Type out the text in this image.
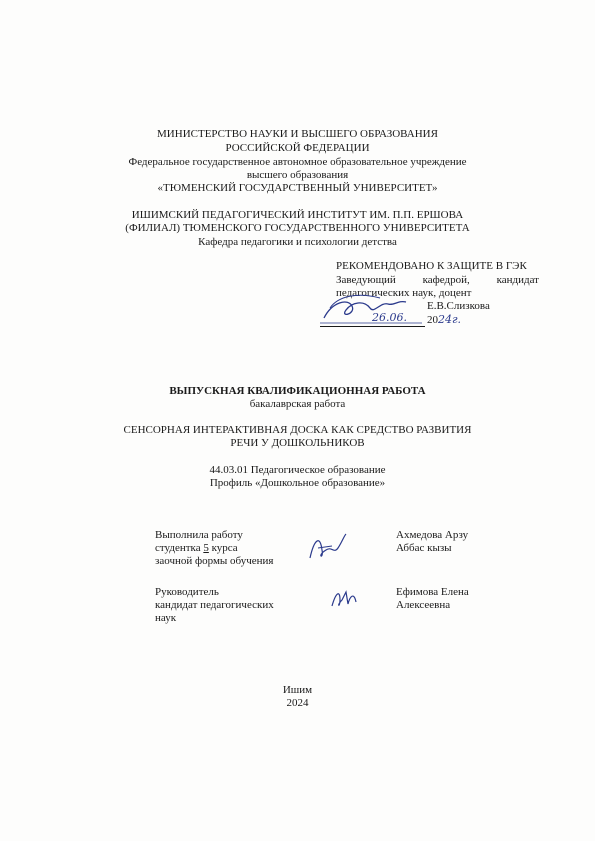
МИНИСТЕРСТВО НАУКИ И ВЫСШЕГО ОБРАЗОВАНИЯ
РОССИЙСКОЙ ФЕДЕРАЦИИ
Федеральное государственное автономное образовательное учреждение
высшего образования
«ТЮМЕНСКИЙ ГОСУДАРСТВЕННЫЙ УНИВЕРСИТЕТ»
ИШИМСКИЙ ПЕДАГОГИЧЕСКИЙ ИНСТИТУТ ИМ. П.П. ЕРШОВА
(ФИЛИАЛ) ТЮМЕНСКОГО ГОСУДАРСТВЕННОГО УНИВЕРСИТЕТА
Кафедра педагогики и психологии детства
РЕКОМЕНДОВАНО К ЗАЩИТЕ В ГЭК
Заведующий кафедрой, кандидат
педагогических наук, доцент
Е.В.Слизкова
26.06. 2024г.
ВЫПУСКНАЯ КВАЛИФИКАЦИОННАЯ РАБОТА
бакалаврская работа
СЕНСОРНАЯ ИНТЕРАКТИВНАЯ ДОСКА КАК СРЕДСТВО РАЗВИТИЯ
РЕЧИ У ДОШКОЛЬНИКОВ
44.03.01 Педагогическое образование
Профиль «Дошкольное образование»
Выполнила работу
студентка 5 курса
заочной формы обучения
Ахмедова Арзу
Аббас кызы
Руководитель
кандидат педагогических
наук
Ефимова Елена
Алексеевна
Ишим
2024
